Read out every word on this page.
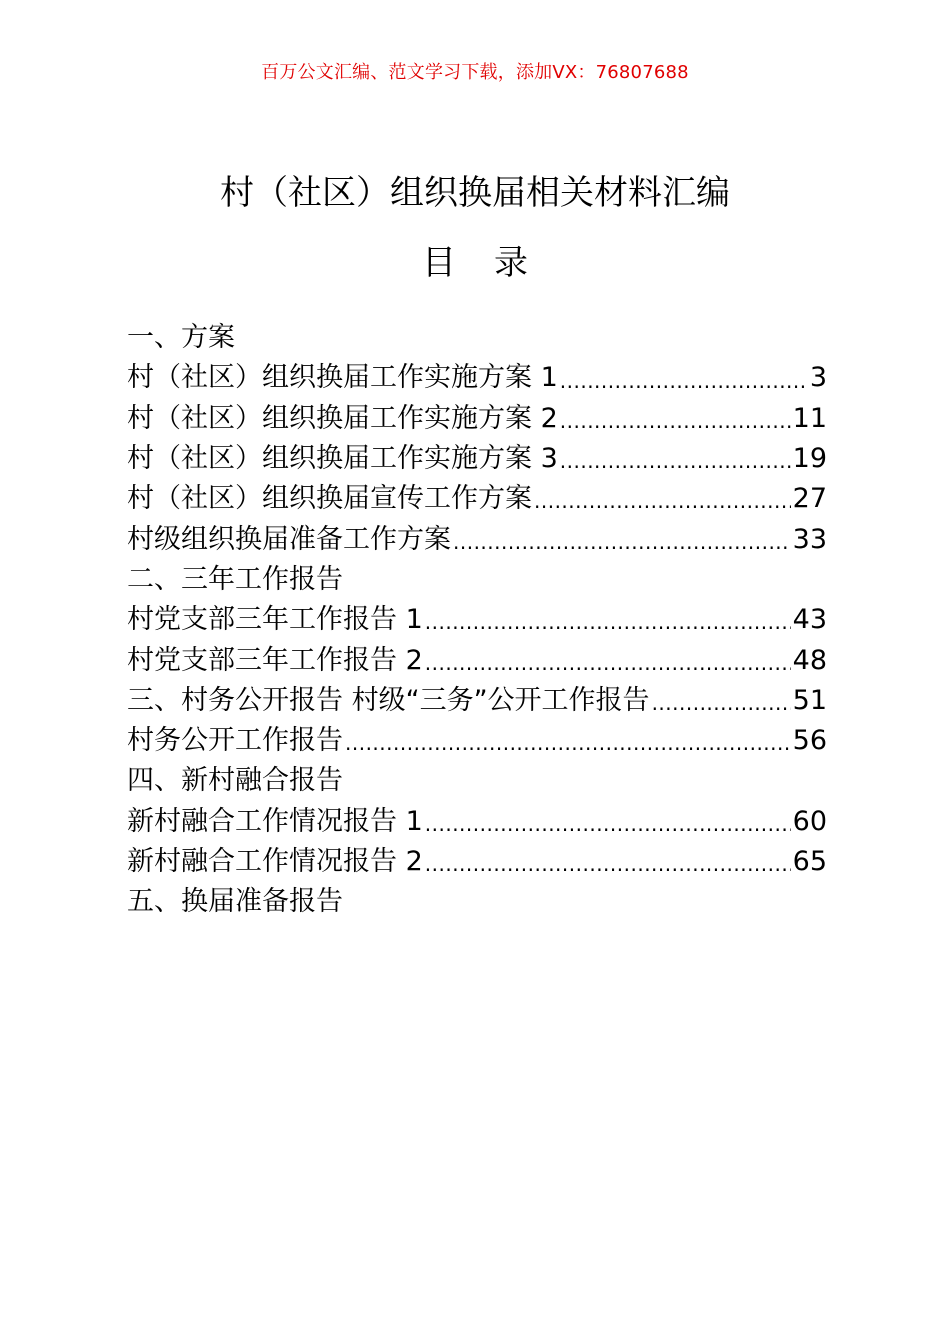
百万公文汇编、范文学习下载，添加VX：76807688
村（社区）组织换届相关材料汇编
目录
一、方案
村（社区）组织换届工作实施方案 1 .....	3
村（社区）组织换届工作实施方案 2 .....	11
村（社区）组织换届工作实施方案 3 .....	19
村（社区）组织换届宣传工作方案 .....	27
村级组织换届准备工作方案 .....	33
二、三年工作报告
村党支部三年工作报告 1 .....	43
村党支部三年工作报告 2 .....	48
三、村务公开报告 村级“三务”公开工作报告 .....	51
村务公开工作报告 .....	56
四、新村融合报告
新村融合工作情况报告 1 .....	60
新村融合工作情况报告 2 .....	65
五、换届准备报告
